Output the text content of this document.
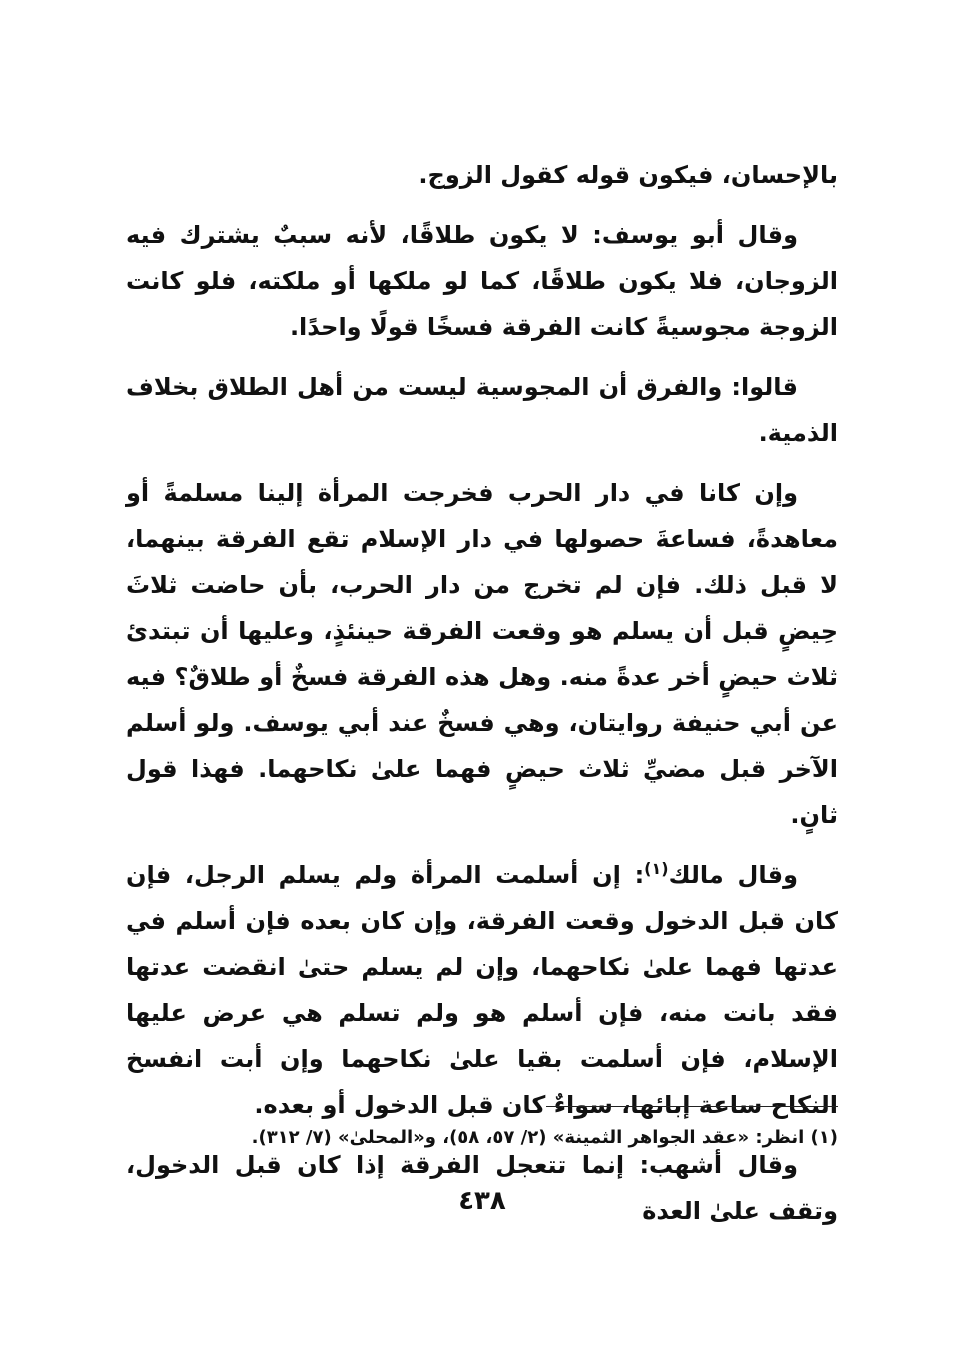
بالإحسان، فيكون قوله كقول الزوج.

وقال أبو يوسف: لا يكون طلاقًا، لأنه سببٌ يشترك فيه الزوجان، فلا يكون طلاقًا، كما لو ملكها أو ملكته، فلو كانت الزوجة مجوسيةً كانت الفرقة فسخًا قولًا واحدًا.

قالوا: والفرق أن المجوسية ليست من أهل الطلاق بخلاف الذمية.

وإن كانا في دار الحرب فخرجت المرأة إلينا مسلمةً أو معاهدةً، فساعةَ حصولها في دار الإسلام تقع الفرقة بينهما، لا قبل ذلك. فإن لم تخرج من دار الحرب، بأن حاضت ثلاثَ حِيضٍ قبل أن يسلم هو وقعت الفرقة حينئذٍ، وعليها أن تبتدئ ثلاث حيضٍ أخر عدةً منه. وهل هذه الفرقة فسخٌ أو طلاقٌ؟ فيه عن أبي حنيفة روايتان، وهي فسخٌ عند أبي يوسف. ولو أسلم الآخر قبل مضيِّ ثلاث حيضٍ فهما علىٰ نكاحهما. فهذا قول ثانٍ.

وقال مالك$^{(١)}$: إن أسلمت المرأة ولم يسلم الرجل، فإن كان قبل الدخول وقعت الفرقة، وإن كان بعده فإن أسلم في عدتها فهما علىٰ نكاحهما، وإن لم يسلم حتىٰ انقضت عدتها فقد بانت منه، فإن أسلم هو ولم تسلم هي عرض عليها الإسلام، فإن أسلمت بقيا علىٰ نكاحهما وإن أبت انفسخ النكاح ساعة إبائها، سواءٌ كان قبل الدخول أو بعده.

وقال أشهب: إنما تتعجل الفرقة إذا كان قبل الدخول، وتقف علىٰ العدة

(١) انظر: «عقد الجواهر الثمينة» (٢/ ٥٧، ٥٨)، و«المحلىٰ» (٧/ ٣١٢).
٤٣٨
